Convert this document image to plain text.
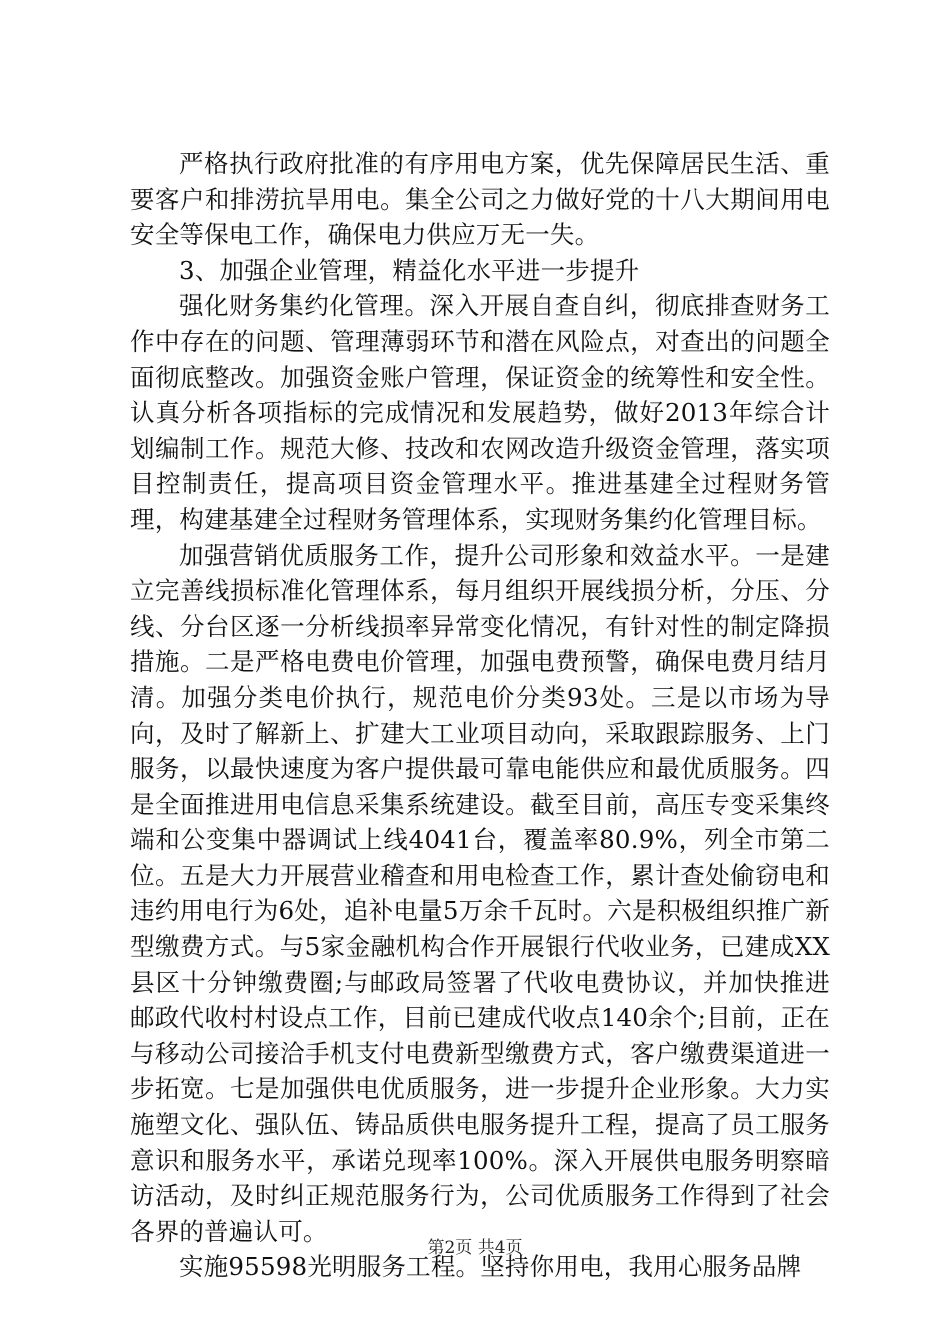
严格执行政府批准的有序用电方案，优先保障居民生活、重要客户和排涝抗旱用电。集全公司之力做好党的十八大期间用电安全等保电工作，确保电力供应万无一失。

3、加强企业管理，精益化水平进一步提升

强化财务集约化管理。深入开展自查自纠，彻底排查财务工作中存在的问题、管理薄弱环节和潜在风险点，对查出的问题全面彻底整改。加强资金账户管理，保证资金的统筹性和安全性。认真分析各项指标的完成情况和发展趋势，做好2013年综合计划编制工作。规范大修、技改和农网改造升级资金管理，落实项目控制责任，提高项目资金管理水平。推进基建全过程财务管理，构建基建全过程财务管理体系，实现财务集约化管理目标。

加强营销优质服务工作，提升公司形象和效益水平。一是建立完善线损标准化管理体系，每月组织开展线损分析，分压、分线、分台区逐一分析线损率异常变化情况，有针对性的制定降损措施。二是严格电费电价管理，加强电费预警，确保电费月结月清。加强分类电价执行，规范电价分类93处。三是以市场为导向，及时了解新上、扩建大工业项目动向，采取跟踪服务、上门服务，以最快速度为客户提供最可靠电能供应和最优质服务。四是全面推进用电信息采集系统建设。截至目前，高压专变采集终端和公变集中器调试上线4041台，覆盖率80.9%，列全市第二位。五是大力开展营业稽查和用电检查工作，累计查处偷窃电和违约用电行为6处，追补电量5万余千瓦时。六是积极组织推广新型缴费方式。与5家金融机构合作开展银行代收业务，已建成XX县区十分钟缴费圈;与邮政局签署了代收电费协议，并加快推进邮政代收村村设点工作，目前已建成代收点140余个;目前，正在与移动公司接洽手机支付电费新型缴费方式，客户缴费渠道进一步拓宽。七是加强供电优质服务，进一步提升企业形象。大力实施塑文化、强队伍、铸品质供电服务提升工程，提高了员工服务意识和服务水平，承诺兑现率100%。深入开展供电服务明察暗访活动，及时纠正规范服务行为，公司优质服务工作得到了社会各界的普遍认可。

实施95598光明服务工程。坚持你用电，我用心服务品牌

第2页 共4页
